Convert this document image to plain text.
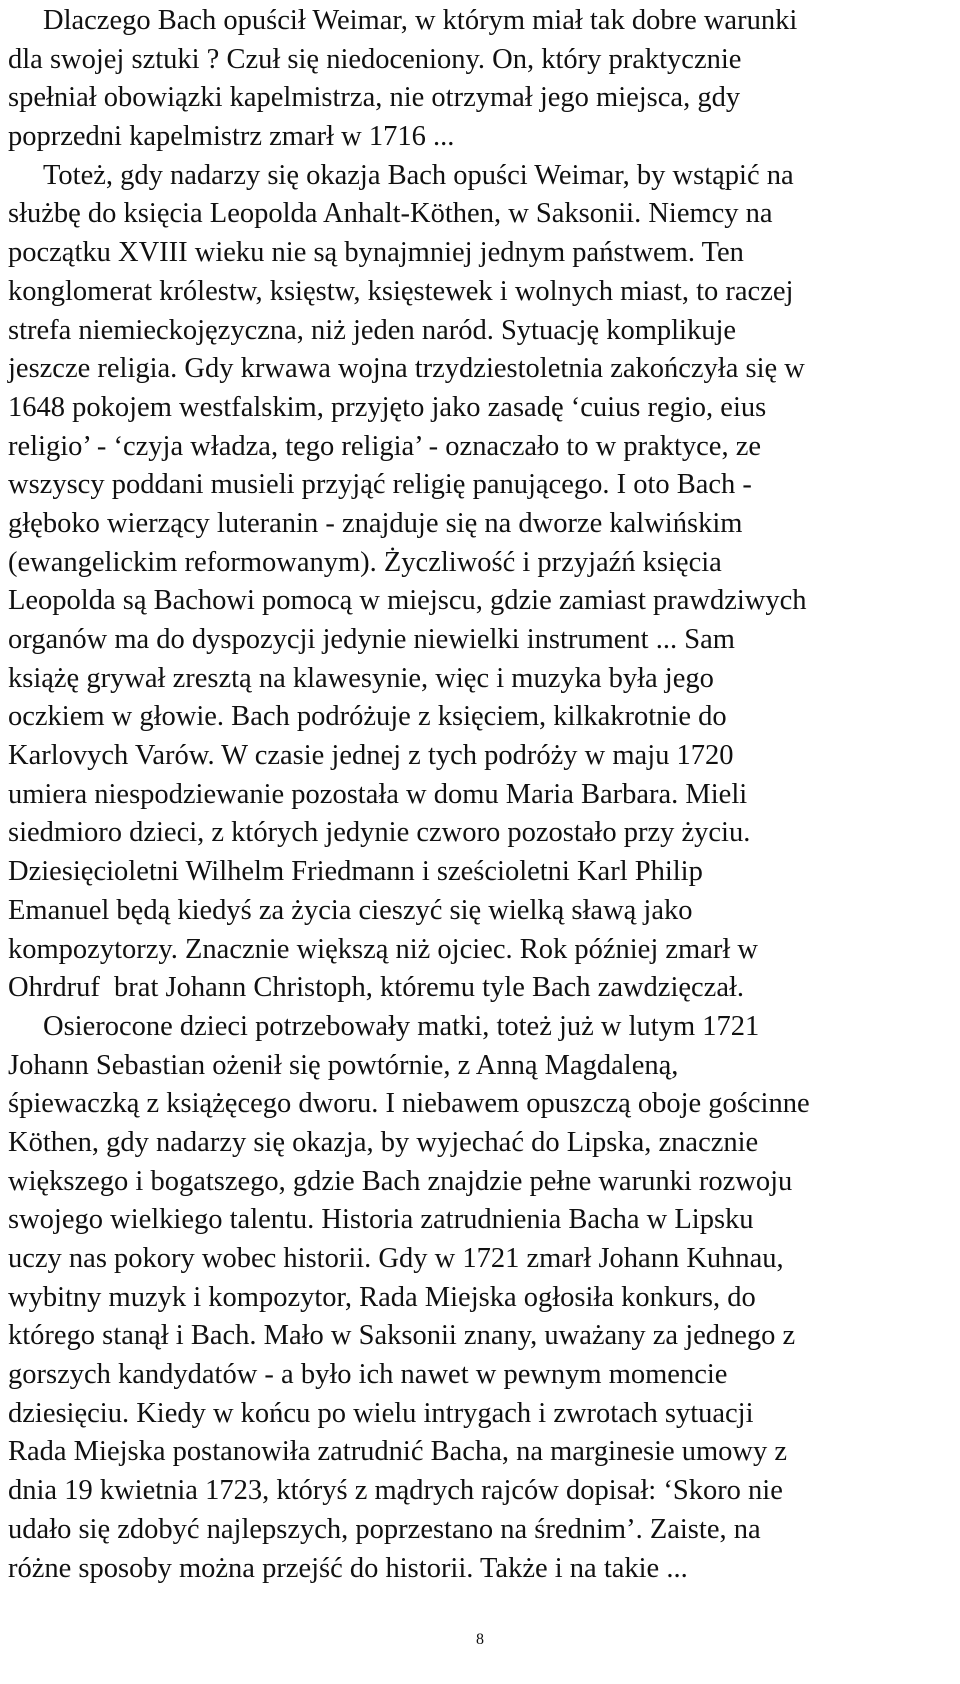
Dlaczego Bach opuścił Weimar, w którym miał tak dobre warunki
dla swojej sztuki ? Czuł się niedoceniony. On, który praktycznie
spełniał obowiązki kapelmistrza, nie otrzymał jego miejsca, gdy
poprzedni kapelmistrz zmarł w 1716 ...
Toteż, gdy nadarzy się okazja Bach opuści Weimar, by wstąpić na
służbę do księcia Leopolda Anhalt-Köthen, w Saksonii. Niemcy na
początku XVIII wieku nie są bynajmniej jednym państwem. Ten
konglomerat królestw, księstw, księstewek i wolnych miast, to raczej
strefa niemieckojęzyczna, niż jeden naród. Sytuację komplikuje
jeszcze religia. Gdy krwawa wojna trzydziestoletnia zakończyła się w
1648 pokojem westfalskim, przyjęto jako zasadę ‘cuius regio, eius
religio’ - ‘czyja władza, tego religia’ - oznaczało to w praktyce, ze
wszyscy poddani musieli przyjąć religię panującego. I oto Bach -
głęboko wierzący luteranin - znajduje się na dworze kalwińskim
(ewangelickim reformowanym). Życzliwość i przyjaźń księcia
Leopolda są Bachowi pomocą w miejscu, gdzie zamiast prawdziwych
organów ma do dyspozycji jedynie niewielki instrument ... Sam
książę grywał zresztą na klawesynie, więc i muzyka była jego
oczkiem w głowie. Bach podróżuje z księciem, kilkakrotnie do
Karlovych Varów. W czasie jednej z tych podróży w maju 1720
umiera niespodziewanie pozostała w domu Maria Barbara. Mieli
siedmioro dzieci, z których jedynie czworo pozostało przy życiu.
Dziesięcioletni Wilhelm Friedmann i sześcioletni Karl Philip
Emanuel będą kiedyś za życia cieszyć się wielką sławą jako
kompozytorzy. Znacznie większą niż ojciec. Rok później zmarł w
Ohrdruf  brat Johann Christoph, któremu tyle Bach zawdzięczał.
Osierocone dzieci potrzebowały matki, toteż już w lutym 1721
Johann Sebastian ożenił się powtórnie, z Anną Magdaleną,
śpiewaczką z książęcego dworu. I niebawem opuszczą oboje gościnne
Köthen, gdy nadarzy się okazja, by wyjechać do Lipska, znacznie
większego i bogatszego, gdzie Bach znajdzie pełne warunki rozwoju
swojego wielkiego talentu. Historia zatrudnienia Bacha w Lipsku
uczy nas pokory wobec historii. Gdy w 1721 zmarł Johann Kuhnau,
wybitny muzyk i kompozytor, Rada Miejska ogłosiła konkurs, do
którego stanął i Bach. Mało w Saksonii znany, uważany za jednego z
gorszych kandydatów - a było ich nawet w pewnym momencie
dziesięciu. Kiedy w końcu po wielu intrygach i zwrotach sytuacji
Rada Miejska postanowiła zatrudnić Bacha, na marginesie umowy z
dnia 19 kwietnia 1723, któryś z mądrych rajców dopisał: ‘Skoro nie
udało się zdobyć najlepszych, poprzestano na średnim’. Zaiste, na
różne sposoby można przejść do historii. Także i na takie ...
8
